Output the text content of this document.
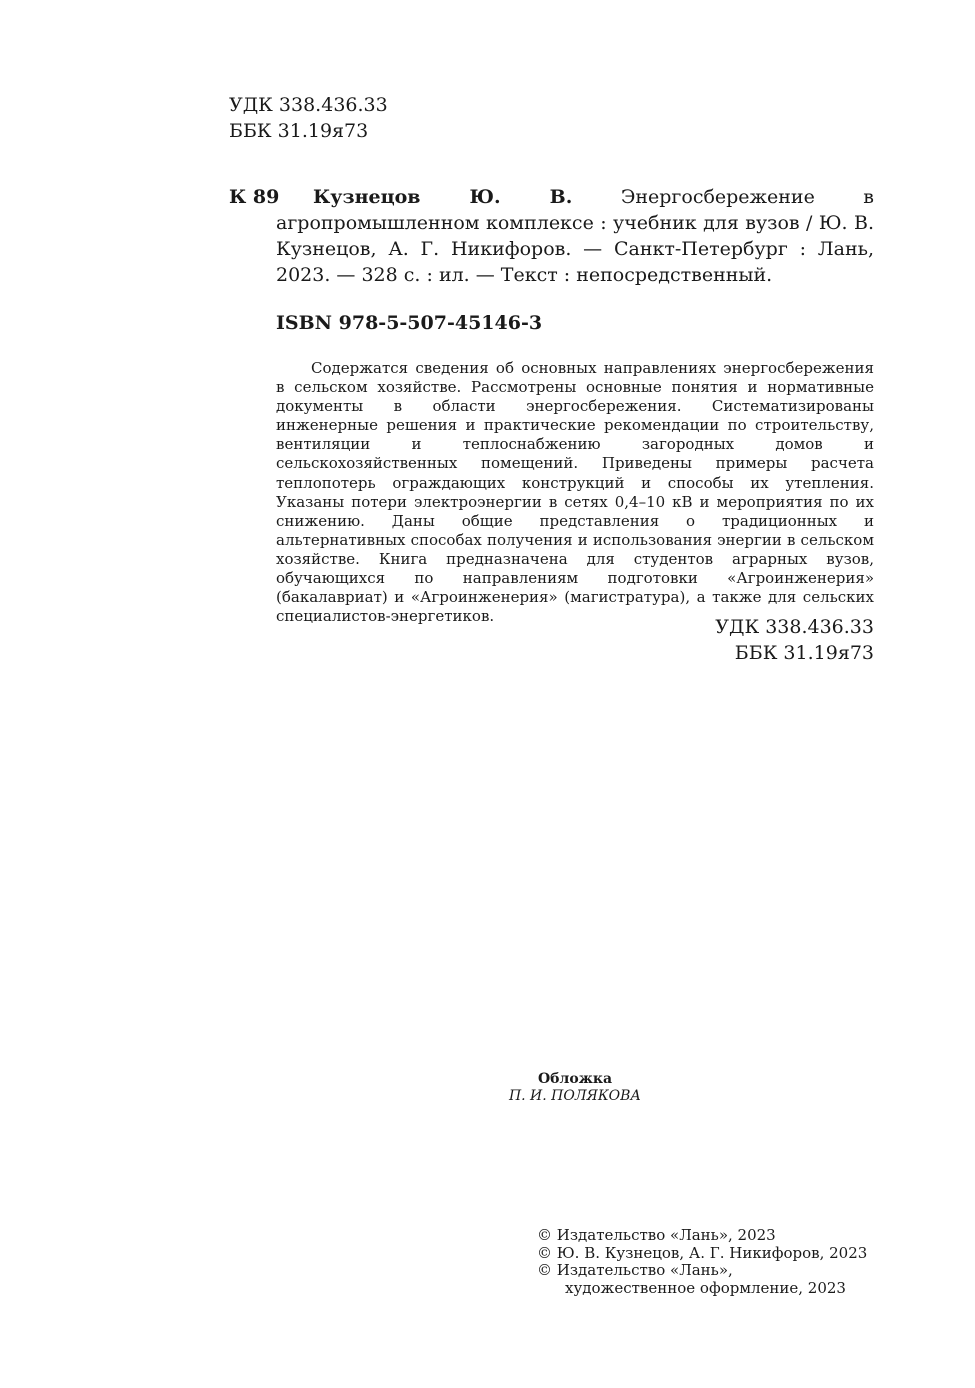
УДК 338.436.33
ББК 31.19я73
К 89	Кузнецов Ю. В.	Энергосбережение в агропромышленном комплексе : учебник для вузов / Ю. В. Кузнецов, А. Г. Никифоров. — Санкт-Петербург : Лань, 2023. — 328 с. : ил. — Текст : непосредственный.
ISBN 978-5-507-45146-3
Содержатся сведения об основных направлениях энергосбережения в сельском хозяйстве. Рассмотрены основные понятия и нормативные документы в области энергосбережения. Систематизированы инженерные решения и практические рекомендации по строительству, вентиляции и теплоснабжению загородных домов и сельскохозяйственных помещений. Приведены примеры расчета теплопотерь ограждающих конструкций и способы их утепления. Указаны потери электроэнергии в сетях 0,4–10 кВ и мероприятия по их снижению. Даны общие представления о традиционных и альтернативных способах получения и использования энергии в сельском хозяйстве. Книга предназначена для студентов аграрных вузов, обучающихся по направлениям подготовки «Агроинженерия» (бакалавриат) и «Агроинженерия» (магистратура), а также для сельских специалистов-энергетиков.	УДК 338.436.33
ББК 31.19я73
Обложка
П. И. ПОЛЯКОВА
© Издательство «Лань», 2023
© Ю. В. Кузнецов, А. Г. Никифоров, 2023
© Издательство «Лань»,
художественное оформление, 2023
